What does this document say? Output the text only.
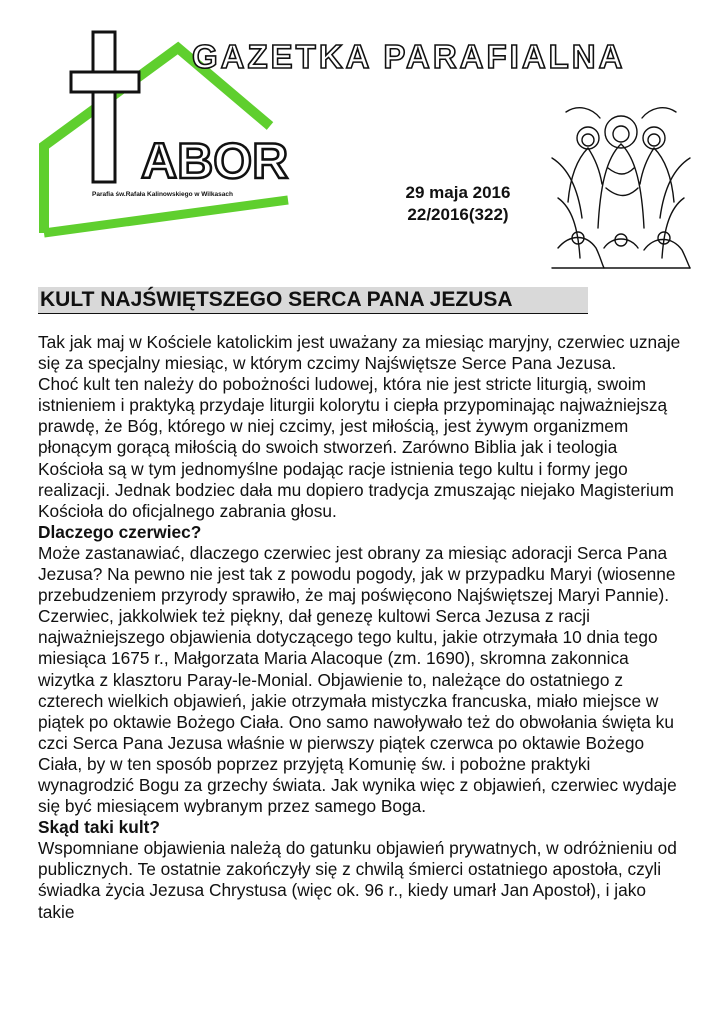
ABOR
Parafia św.Rafała Kalinowskiego w Wilkasach
GAZETKA PARAFIALNA
29 maja 2016
22/2016(322)
KULT NAJŚWIĘTSZEGO SERCA PANA JEZUSA

Tak jak maj w Kościele katolickim jest uważany za miesiąc maryjny, czerwiec uznaje się za specjalny miesiąc, w którym czcimy Najświętsze Serce Pana Jezusa.

Choć kult ten należy do pobożności ludowej, która nie jest stricte liturgią, swoim istnieniem i praktyką przydaje liturgii kolorytu i ciepła przypominając najważniejszą prawdę, że Bóg, którego w niej czcimy, jest miłością, jest żywym organizmem płonącym gorącą miłością do swoich stworzeń. Zarówno Biblia jak i teologia Kościoła są w tym jednomyślne podając racje istnienia tego kultu i formy jego realizacji. Jednak bodziec dała mu dopiero tradycja zmuszając niejako Magisterium Kościoła do oficjalnego zabrania głosu.

Dlaczego czerwiec?

Może zastanawiać, dlaczego czerwiec jest obrany za miesiąc adoracji Serca Pana Jezusa? Na pewno nie jest tak z powodu pogody, jak w przypadku Maryi (wiosenne przebudzeniem przyrody sprawiło, że maj poświęcono Najświętszej Maryi Pannie). Czerwiec, jakkolwiek też piękny, dał genezę kultowi Serca Jezusa z racji najważniejszego objawienia dotyczącego tego kultu, jakie otrzymała 10 dnia tego miesiąca 1675 r., Małgorzata Maria Alacoque (zm. 1690), skromna zakonnica wizytka z klasztoru Paray-le-Monial. Objawienie to, należące do ostatniego z czterech wielkich objawień, jakie otrzymała mistyczka francuska, miało miejsce w piątek po oktawie Bożego Ciała. Ono samo nawoływało też do obwołania święta ku czci Serca Pana Jezusa właśnie w pierwszy piątek czerwca po oktawie Bożego Ciała, by w ten sposób poprzez przyjętą Komunię św. i pobożne praktyki wynagrodzić Bogu za grzechy świata. Jak wynika więc z objawień, czerwiec wydaje się być miesiącem wybranym przez samego Boga.

Skąd taki kult?

Wspomniane objawienia należą do gatunku objawień prywatnych, w odróżnieniu od publicznych. Te ostatnie zakończyły się z chwilą śmierci ostatniego apostoła, czyli świadka życia Jezusa Chrystusa (więc ok. 96 r., kiedy umarł Jan Apostoł), i jako takie
